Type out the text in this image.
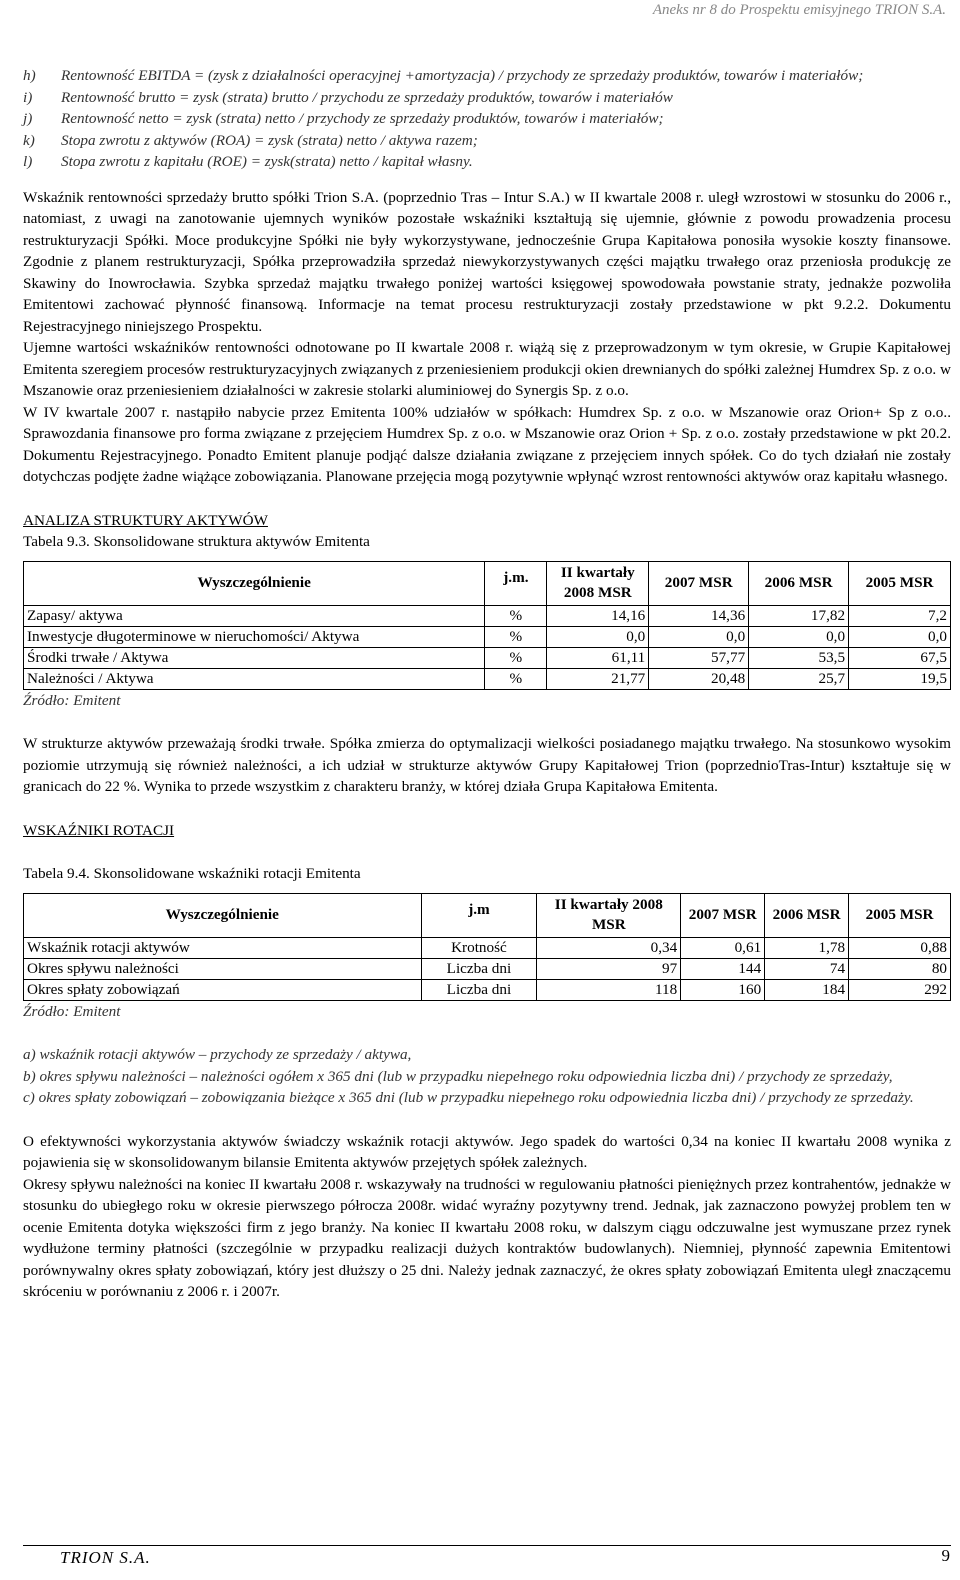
Aneks nr 8 do Prospektu emisyjnego TRION S.A.
h)	Rentowność EBITDA = (zysk z działalności operacyjnej +amortyzacja) / przychody ze sprzedaży produktów, towarów i materiałów;
i)	Rentowność brutto = zysk (strata) brutto / przychodu ze sprzedaży produktów, towarów i materiałów
j)	Rentowność netto = zysk (strata) netto / przychody ze sprzedaży produktów, towarów i materiałów;
k)	Stopa zwrotu z aktywów (ROA) = zysk (strata) netto / aktywa razem;
l)	Stopa zwrotu z kapitału (ROE) = zysk(strata) netto / kapitał własny.

Wskaźnik rentowności sprzedaży brutto spółki Trion S.A. (poprzednio Tras – Intur S.A.) w II kwartale 2008 r. uległ wzrostowi w stosunku do 2006 r., natomiast, z uwagi na zanotowanie ujemnych wyników pozostałe wskaźniki kształtują się ujemnie, głównie z powodu prowadzenia procesu restrukturyzacji Spółki. Moce produkcyjne Spółki nie były wykorzystywane, jednocześnie Grupa Kapitałowa ponosiła wysokie koszty finansowe. Zgodnie z planem restrukturyzacji, Spółka przeprowadziła sprzedaż niewykorzystywanych części majątku trwałego oraz przeniosła produkcję ze Skawiny do Inowrocławia. Szybka sprzedaż majątku trwałego poniżej wartości księgowej spowodowała powstanie straty, jednakże pozwoliła Emitentowi zachować płynność finansową. Informacje na temat procesu restrukturyzacji zostały przedstawione w pkt 9.2.2. Dokumentu Rejestracyjnego niniejszego Prospektu.

Ujemne wartości wskaźników rentowności odnotowane po II kwartale 2008 r. wiążą się z przeprowadzonym w tym okresie, w Grupie Kapitałowej Emitenta szeregiem procesów restrukturyzacyjnych związanych z przeniesieniem produkcji okien drewnianych do spółki zależnej Humdrex Sp. z o.o. w Mszanowie oraz przeniesieniem działalności w zakresie stolarki aluminiowej do Synergis Sp. z o.o.

W IV kwartale 2007 r. nastąpiło nabycie przez Emitenta 100% udziałów w spółkach: Humdrex Sp. z o.o. w Mszanowie oraz Orion+ Sp z o.o.. Sprawozdania finansowe pro forma związane z przejęciem Humdrex Sp. z o.o. w Mszanowie oraz Orion + Sp. z o.o. zostały przedstawione w pkt 20.2. Dokumentu Rejestracyjnego. Ponadto Emitent planuje podjąć dalsze działania związane z przejęciem innych spółek. Co do tych działań nie zostały dotychczas podjęte żadne wiążące zobowiązania. Planowane przejęcia mogą pozytywnie wpłynąć wzrost rentowności aktywów oraz kapitału własnego.

ANALIZA STRUKTURY AKTYWÓW
Tabela 9.3. Skonsolidowane struktura aktywów Emitenta
Wyszczególnienie	j.m.	II kwartały 2008 MSR	2007 MSR	2006 MSR	2005 MSR
Zapasy/ aktywa	%	14,16	14,36	17,82	7,2
Inwestycje długoterminowe w nieruchomości/ Aktywa	%	0,0	0,0	0,0	0,0
Środki trwałe / Aktywa	%	61,11	57,77	53,5	67,5
Należności / Aktywa	%	21,77	20,48	25,7	19,5
Źródło: Emitent

W strukturze aktywów przeważają środki trwałe. Spółka zmierza do optymalizacji wielkości posiadanego majątku trwałego. Na stosunkowo wysokim poziomie utrzymują się również należności, a ich udział w strukturze aktywów Grupy Kapitałowej Trion (poprzednioTras-Intur) kształtuje się w granicach do 22 %. Wynika to przede wszystkim z charakteru branży, w której działa Grupa Kapitałowa Emitenta.

WSKAŹNIKI ROTACJI
Tabela 9.4. Skonsolidowane wskaźniki rotacji Emitenta
Wyszczególnienie	j.m	II kwartały 2008 MSR	2007 MSR	2006 MSR	2005 MSR
Wskaźnik rotacji aktywów	Krotność	0,34	0,61	1,78	0,88
Okres spływu należności	Liczba dni	97	144	74	80
Okres spłaty zobowiązań	Liczba dni	118	160	184	292
Źródło: Emitent
a) wskaźnik rotacji aktywów – przychody ze sprzedaży / aktywa,
b) okres spływu należności – należności ogółem x 365 dni (lub w przypadku niepełnego roku odpowiednia liczba dni) / przychody ze sprzedaży,
c) okres spłaty zobowiązań – zobowiązania bieżące x 365 dni (lub w przypadku niepełnego roku odpowiednia liczba dni) / przychody ze sprzedaży.

O efektywności wykorzystania aktywów świadczy wskaźnik rotacji aktywów. Jego spadek do wartości 0,34 na koniec II kwartału 2008 wynika z pojawienia się w skonsolidowanym bilansie Emitenta aktywów przejętych spółek zależnych.

Okresy spływu należności na koniec II kwartału 2008 r. wskazywały na trudności w regulowaniu płatności pieniężnych przez kontrahentów, jednakże w stosunku do ubiegłego roku w okresie pierwszego półrocza 2008r. widać wyraźny pozytywny trend. Jednak, jak zaznaczono powyżej problem ten w ocenie Emitenta dotyka większości firm z jego branży. Na koniec II kwartału 2008 roku, w dalszym ciągu odczuwalne jest wymuszane przez rynek wydłużone terminy płatności (szczególnie w przypadku realizacji dużych kontraktów budowlanych). Niemniej, płynność zapewnia Emitentowi porównywalny okres spłaty zobowiązań, który jest dłuższy o 25 dni. Należy jednak zaznaczyć, że okres spłaty zobowiązań Emitenta uległ znaczącemu skróceniu w porównaniu z 2006 r. i 2007r.

TRION S.A.	9
